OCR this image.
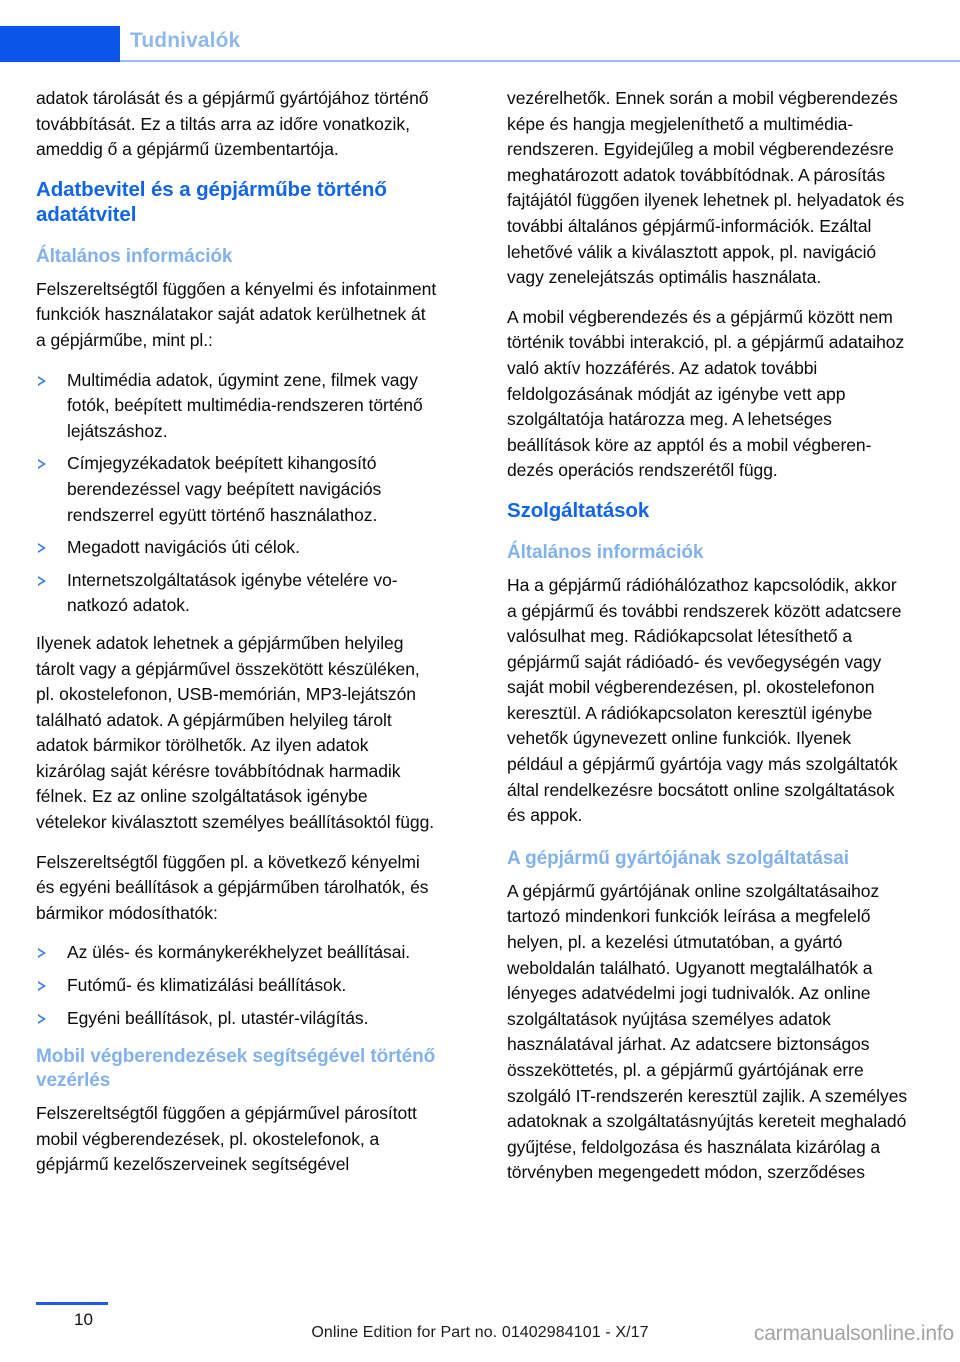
Tudnivalók

adatok tárolását és a gépjármű gyártójához történő továbbítását. Ez a tiltás arra az időre vonatkozik, ameddig ő a gépjármű üzembentartója.

Adatbevitel és a gépjárműbe történő adatátvitel
Általános információk

Felszereltségtől függően a kényelmi és infotainment funkciók használatakor saját adatok kerülhetnek át a gépjárműbe, mint pl.:

Multimédia adatok, úgymint zene, filmek vagy fotók, beépített multimédia-rendszeren történő lejátszáshoz.
Címjegyzékadatok beépített kihangosító berendezéssel vagy beépített navigációs rendszerrel együtt történő használathoz.
Megadott navigációs úti célok.
Internetszolgáltatások igénybe vételére vonatkozó adatok.

Ilyenek adatok lehetnek a gépjárműben helyileg tárolt vagy a gépjárművel összekötött készüléken, pl. okostelefonon, USB-memórián, MP3-lejátszón található adatok. A gépjárműben helyileg tárolt adatok bármikor törölhetők. Az ilyen adatok kizárólag saját kérésre továbbítódnak harmadik félnek. Ez az online szolgáltatások igénybe vételekor kiválasztott személyes beállításoktól függ.

Felszereltségtől függően pl. a következő kényelmi és egyéni beállítások a gépjárműben tárolhatók, és bármikor módosíthatók:

Az ülés- és kormánykerékhelyzet beállításai.
Futómű- és klimatizálási beállítások.
Egyéni beállítások, pl. utastér-világítás.
Mobil végberendezések segítségével történő vezérlés

Felszereltségtől függően a gépjárművel párosított mobil végberendezések, pl. okostelefonok, a gépjármű kezelőszerveinek segítségével

vezérelhetők. Ennek során a mobil végberendezés képe és hangja megjeleníthető a multimédia-rendszeren. Egyidejűleg a mobil végberendezésre meghatározott adatok továbbítódnak. A párosítás fajtájától függően ilyenek lehetnek pl. helyadatok és további általános gépjármű-információk. Ezáltal lehetővé válik a kiválasztott appok, pl. navigáció vagy zenelejátszás optimális használata.

A mobil végberendezés és a gépjármű között nem történik további interakció, pl. a gépjármű adataihoz való aktív hozzáférés. Az adatok további feldolgozásának módját az igénybe vett app szolgáltatója határozza meg. A lehetséges beállítások köre az apptól és a mobil végberendezés operációs rendszerétől függ.

Szolgáltatások
Általános információk

Ha a gépjármű rádióhálózathoz kapcsolódik, akkor a gépjármű és további rendszerek között adatcsere valósulhat meg. Rádiókapcsolat létesíthető a gépjármű saját rádióadó- és vevőegységén vagy saját mobil végberendezésen, pl. okostelefonon keresztül. A rádiókapcsolaton keresztül igénybe vehetők úgynevezett online funkciók. Ilyenek például a gépjármű gyártója vagy más szolgáltatók által rendelkezésre bocsátott online szolgáltatások és appok.

A gépjármű gyártójának szolgáltatásai

A gépjármű gyártójának online szolgáltatásaihoz tartozó mindenkori funkciók leírása a megfelelő helyen, pl. a kezelési útmutatóban, a gyártó weboldalán található. Ugyanott megtalálhatók a lényeges adatvédelmi jogi tudnivalók. Az online szolgáltatások nyújtása személyes adatok használatával járhat. Az adatcsere biztonságos összeköttetés, pl. a gépjármű gyártójának erre szolgáló IT-rendszerén keresztül zajlik. A személyes adatoknak a szolgáltatásnyújtás kereteit meghaladó gyűjtése, feldolgozása és használata kizárólag a törvényben megengedett módon, szerződéses

10
Online Edition for Part no. 01402984101 - X/17	carmanualsonline.info
